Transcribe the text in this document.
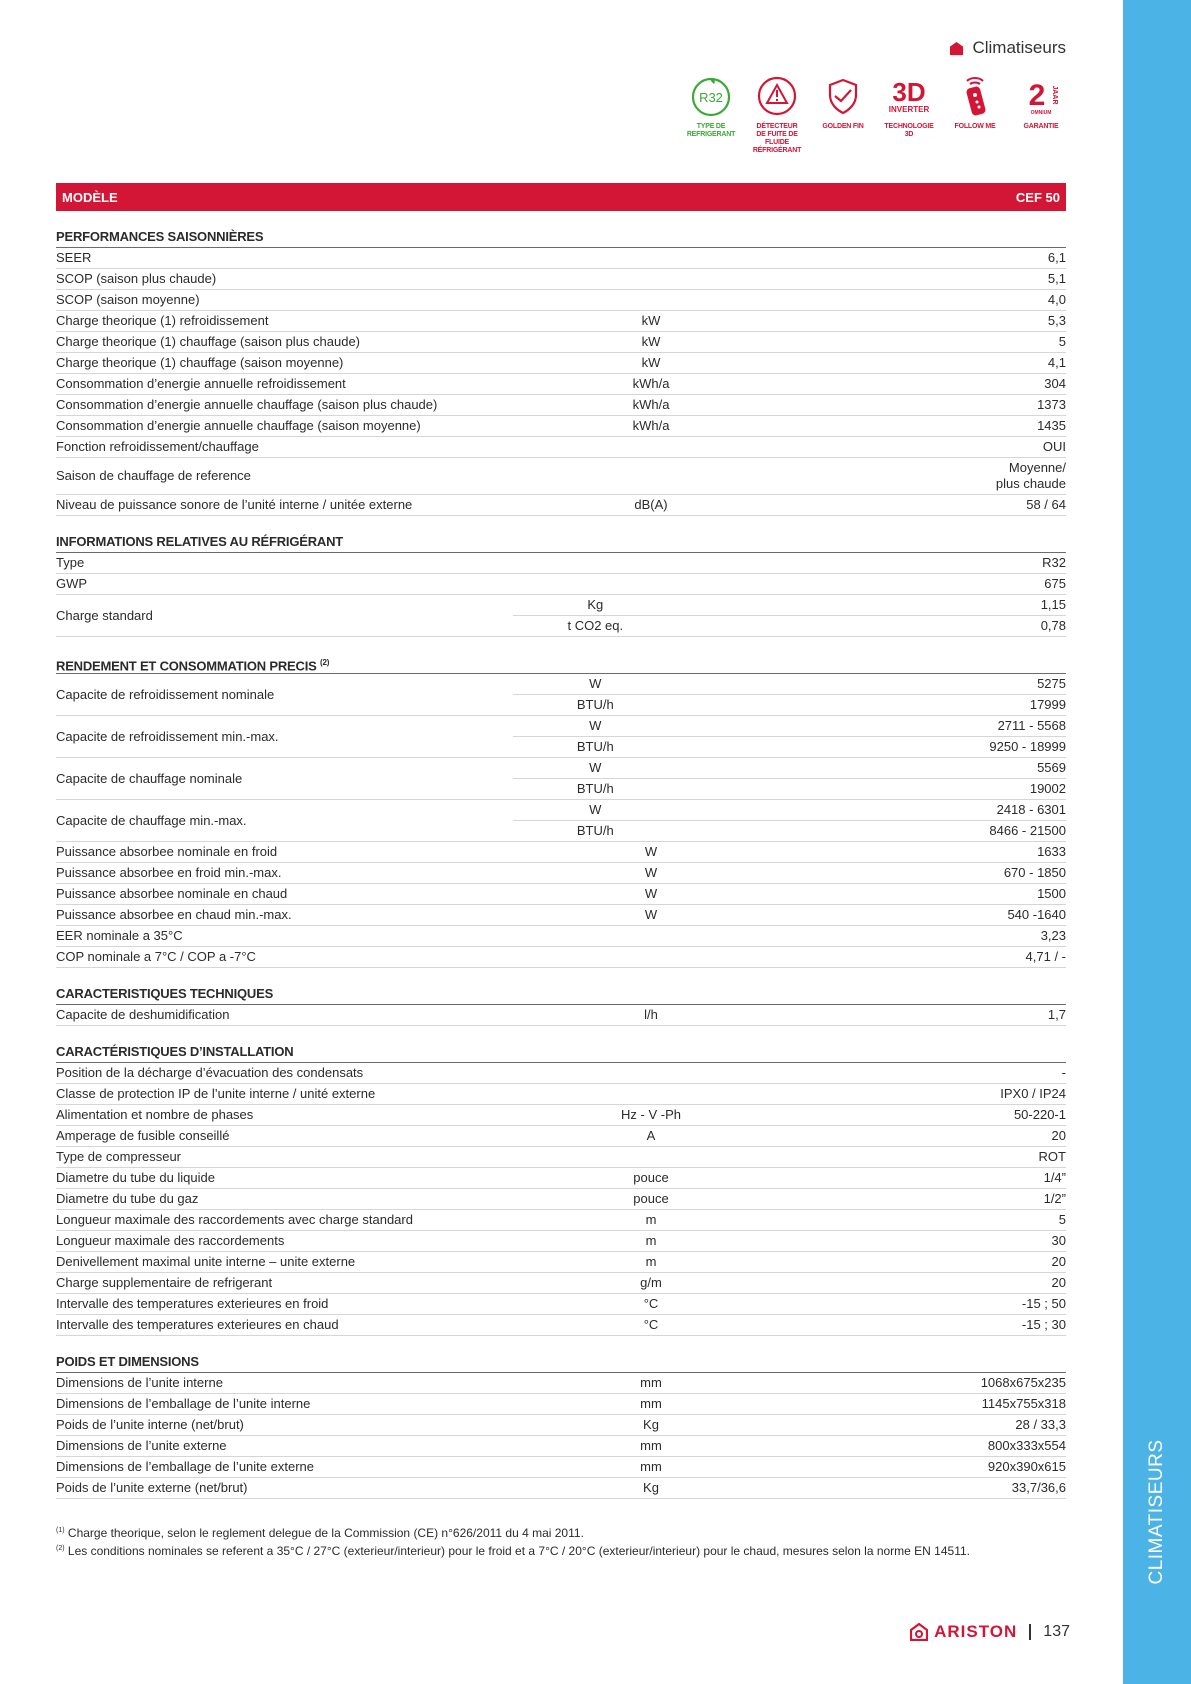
CLIMATISEURS
Climatiseurs
R32
TYPE DE
REFRIGERANT
DÉTECTEUR
DE FUITE DE FLUIDE
RÉFRIGÉRANT
GOLDEN FIN
3D
INVERTER
TECHNOLOGIE
3D
FOLLOW ME
2 JAAR
OMNIUM
GARANTIE
MODÈLE	CEF 50
PERFORMANCES SAISONNIÈRES
SEER	6,1
SCOP (saison plus chaude)	5,1
SCOP (saison moyenne)	4,0
Charge theorique (1) refroidissement	kW	5,3
Charge theorique (1) chauffage (saison plus chaude)	kW	5
Charge theorique (1) chauffage (saison moyenne)	kW	4,1
Consommation d’energie annuelle refroidissement	kWh/a	304
Consommation d’energie annuelle chauffage (saison plus chaude)	kWh/a	1373
Consommation d’energie annuelle chauffage (saison moyenne)	kWh/a	1435
Fonction refroidissement/chauffage	OUI
Saison de chauffage de reference
Moyenne/
plus chaude
Niveau de puissance sonore de l’unité interne / unitée externe	dB(A)	58 / 64
INFORMATIONS RELATIVES AU RÉFRIGÉRANT
Type	R32
GWP	675
Charge standard
Kg	1,15
t CO2 eq.	0,78
RENDEMENT ET CONSOMMATION PRECIS $^{(2)}$
Capacite de refroidissement nominale
W	5275
BTU/h	17999
Capacite de refroidissement min.-max.
W	2711 - 5568
BTU/h	9250 - 18999
Capacite de chauffage nominale
W	5569
BTU/h	19002
Capacite de chauffage min.-max.
W	2418 - 6301
BTU/h	8466 - 21500
Puissance absorbee nominale en froid	W	1633
Puissance absorbee en froid min.-max.	W	670 - 1850
Puissance absorbee nominale en chaud	W	1500
Puissance absorbee en chaud min.-max.	W	540 -1640
EER nominale a 35°C	3,23
COP nominale a 7°C / COP a -7°C	4,71 / -
CARACTERISTIQUES TECHNIQUES
Capacite de deshumidification	l/h	1,7
CARACTÉRISTIQUES D’INSTALLATION
Position de la décharge d’évacuation des condensats	-
Classe de protection IP de l’unite interne / unité externe	IPX0 / IP24
Alimentation et nombre de phases	Hz - V -Ph	50-220-1
Amperage de fusible conseillé	A	20
Type de compresseur	ROT
Diametre du tube du liquide	pouce	1/4”
Diametre du tube du gaz	pouce	1/2”
Longueur maximale des raccordements avec charge standard	m	5
Longueur maximale des raccordements	m	30
Denivellement maximal unite interne – unite externe	m	20
Charge supplementaire de refrigerant	g/m	20
Intervalle des temperatures exterieures en froid	°C	-15 ; 50
Intervalle des temperatures exterieures en chaud	°C	-15 ; 30
POIDS ET DIMENSIONS
Dimensions de l’unite interne	mm	1068x675x235
Dimensions de l’emballage de l’unite interne	mm	1145x755x318
Poids de l’unite interne (net/brut)	Kg	28 / 33,3
Dimensions de l’unite externe	mm	800x333x554
Dimensions de l’emballage de l’unite externe	mm	920x390x615
Poids de l’unite externe (net/brut)	Kg	33,7/36,6
$^{(1)}$ Charge theorique, selon le reglement delegue de la Commission (CE) n°626/2011 du 4 mai 2011.
$^{(2)}$ Les conditions nominales se referent a 35°C / 27°C (exterieur/interieur) pour le froid et a 7°C / 20°C (exterieur/interieur) pour le chaud, mesures selon la norme EN 14511.
ARISTON 137
